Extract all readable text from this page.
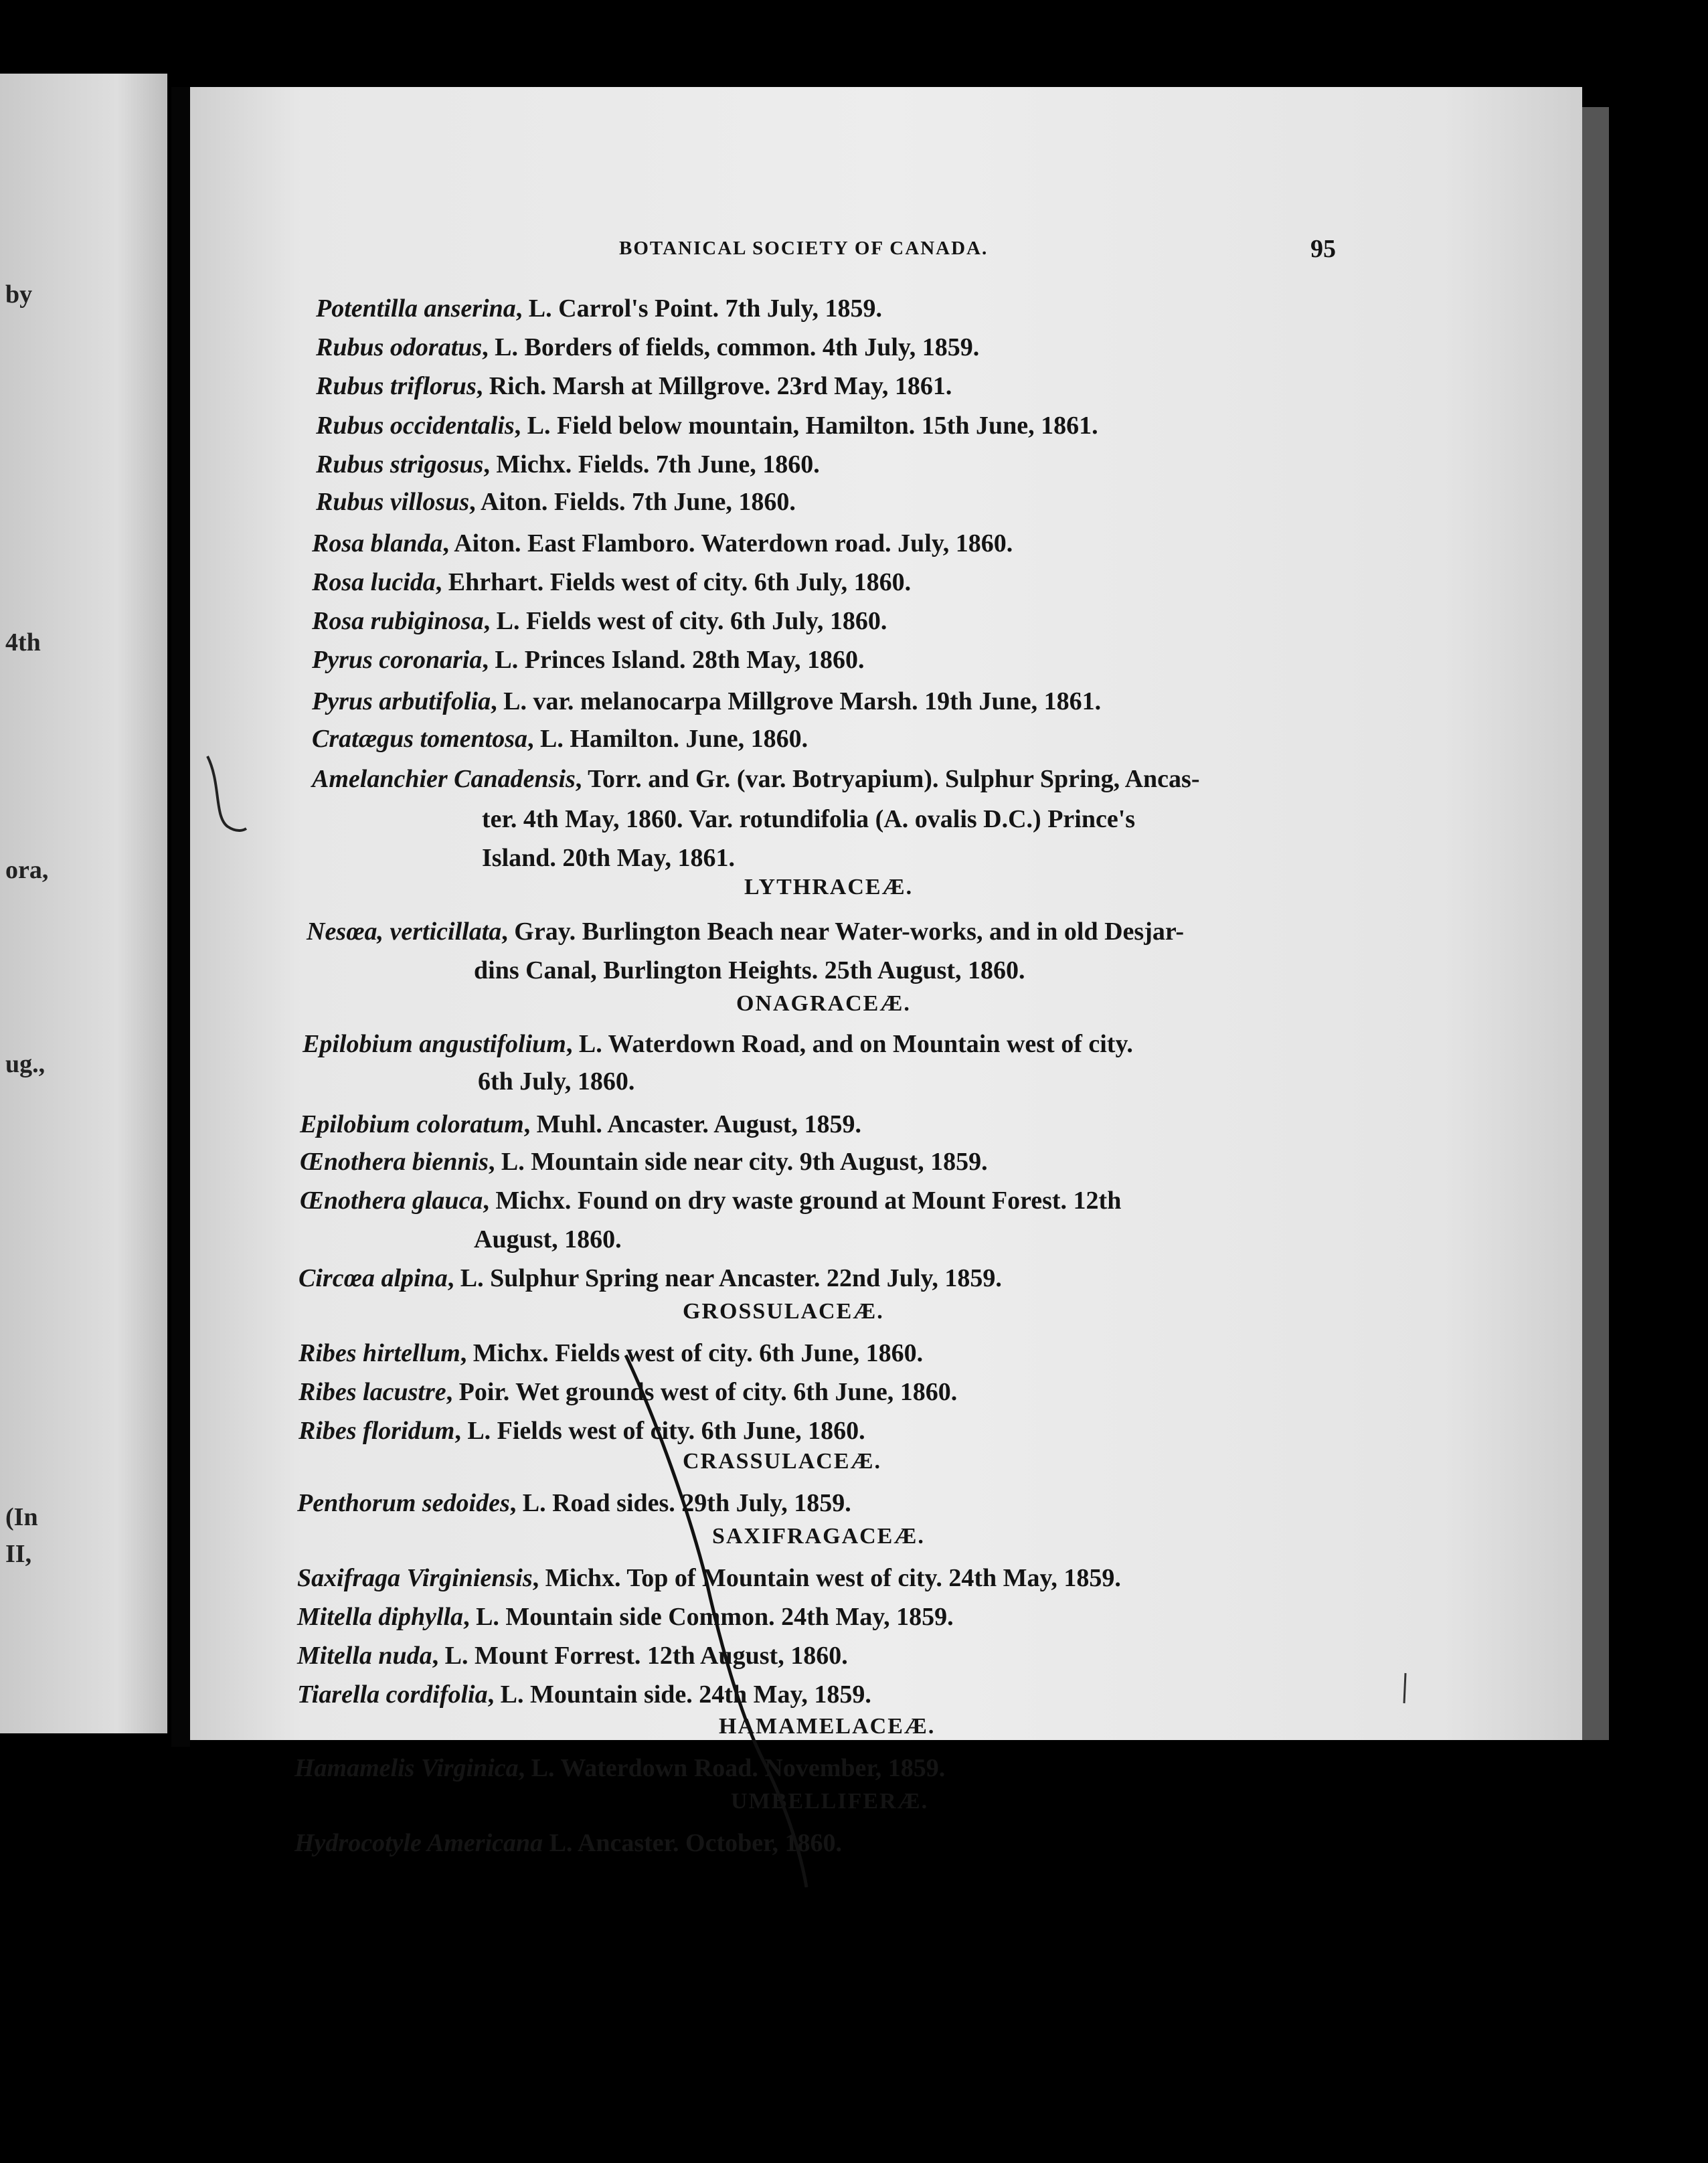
by
4th
ora,
ug.,
(In
II,
BOTANICAL SOCIETY OF CANADA.	95
Potentilla anserina, L. Carrol's Point. 7th July, 1859.
Rubus odoratus, L. Borders of fields, common. 4th July, 1859.
Rubus triflorus, Rich. Marsh at Millgrove. 23rd May, 1861.
Rubus occidentalis, L. Field below mountain, Hamilton. 15th June, 1861.
Rubus strigosus, Michx. Fields. 7th June, 1860.
Rubus villosus, Aiton. Fields. 7th June, 1860.
Rosa blanda, Aiton. East Flamboro. Waterdown road. July, 1860.
Rosa lucida, Ehrhart. Fields west of city. 6th July, 1860.
Rosa rubiginosa, L. Fields west of city. 6th July, 1860.
Pyrus coronaria, L. Princes Island. 28th May, 1860.
Pyrus arbutifolia, L. var. melanocarpa Millgrove Marsh. 19th June, 1861.
Cratægus tomentosa, L. Hamilton. June, 1860.
Amelanchier Canadensis, Torr. and Gr. (var. Botryapium). Sulphur Spring, Ancas-
ter. 4th May, 1860. Var. rotundifolia (A. ovalis D.C.) Prince's
Island. 20th May, 1861.
LYTHRACEÆ.
Nesœa, verticillata, Gray. Burlington Beach near Water-works, and in old Desjar-
dins Canal, Burlington Heights. 25th August, 1860.
ONAGRACEÆ.
Epilobium angustifolium, L. Waterdown Road, and on Mountain west of city.
6th July, 1860.
Epilobium coloratum, Muhl. Ancaster. August, 1859.
Œnothera biennis, L. Mountain side near city. 9th August, 1859.
Œnothera glauca, Michx. Found on dry waste ground at Mount Forest. 12th
August, 1860.
Circœa alpina, L. Sulphur Spring near Ancaster. 22nd July, 1859.
GROSSULACEÆ.
Ribes hirtellum, Michx. Fields west of city. 6th June, 1860.
Ribes lacustre, Poir. Wet grounds west of city. 6th June, 1860.
Ribes floridum, L. Fields west of city. 6th June, 1860.
CRASSULACEÆ.
Penthorum sedoides, L. Road sides. 29th July, 1859.
SAXIFRAGACEÆ.
Saxifraga Virginiensis, Michx. Top of Mountain west of city. 24th May, 1859.
Mitella diphylla, L. Mountain side Common. 24th May, 1859.
Mitella nuda, L. Mount Forrest. 12th August, 1860.
Tiarella cordifolia, L. Mountain side. 24th May, 1859.
HAMAMELACEÆ.
Hamamelis Virginica, L. Waterdown Road. November, 1859.
UMBELLIFERÆ.
Hydrocotyle Americana L. Ancaster. October, 1860.
